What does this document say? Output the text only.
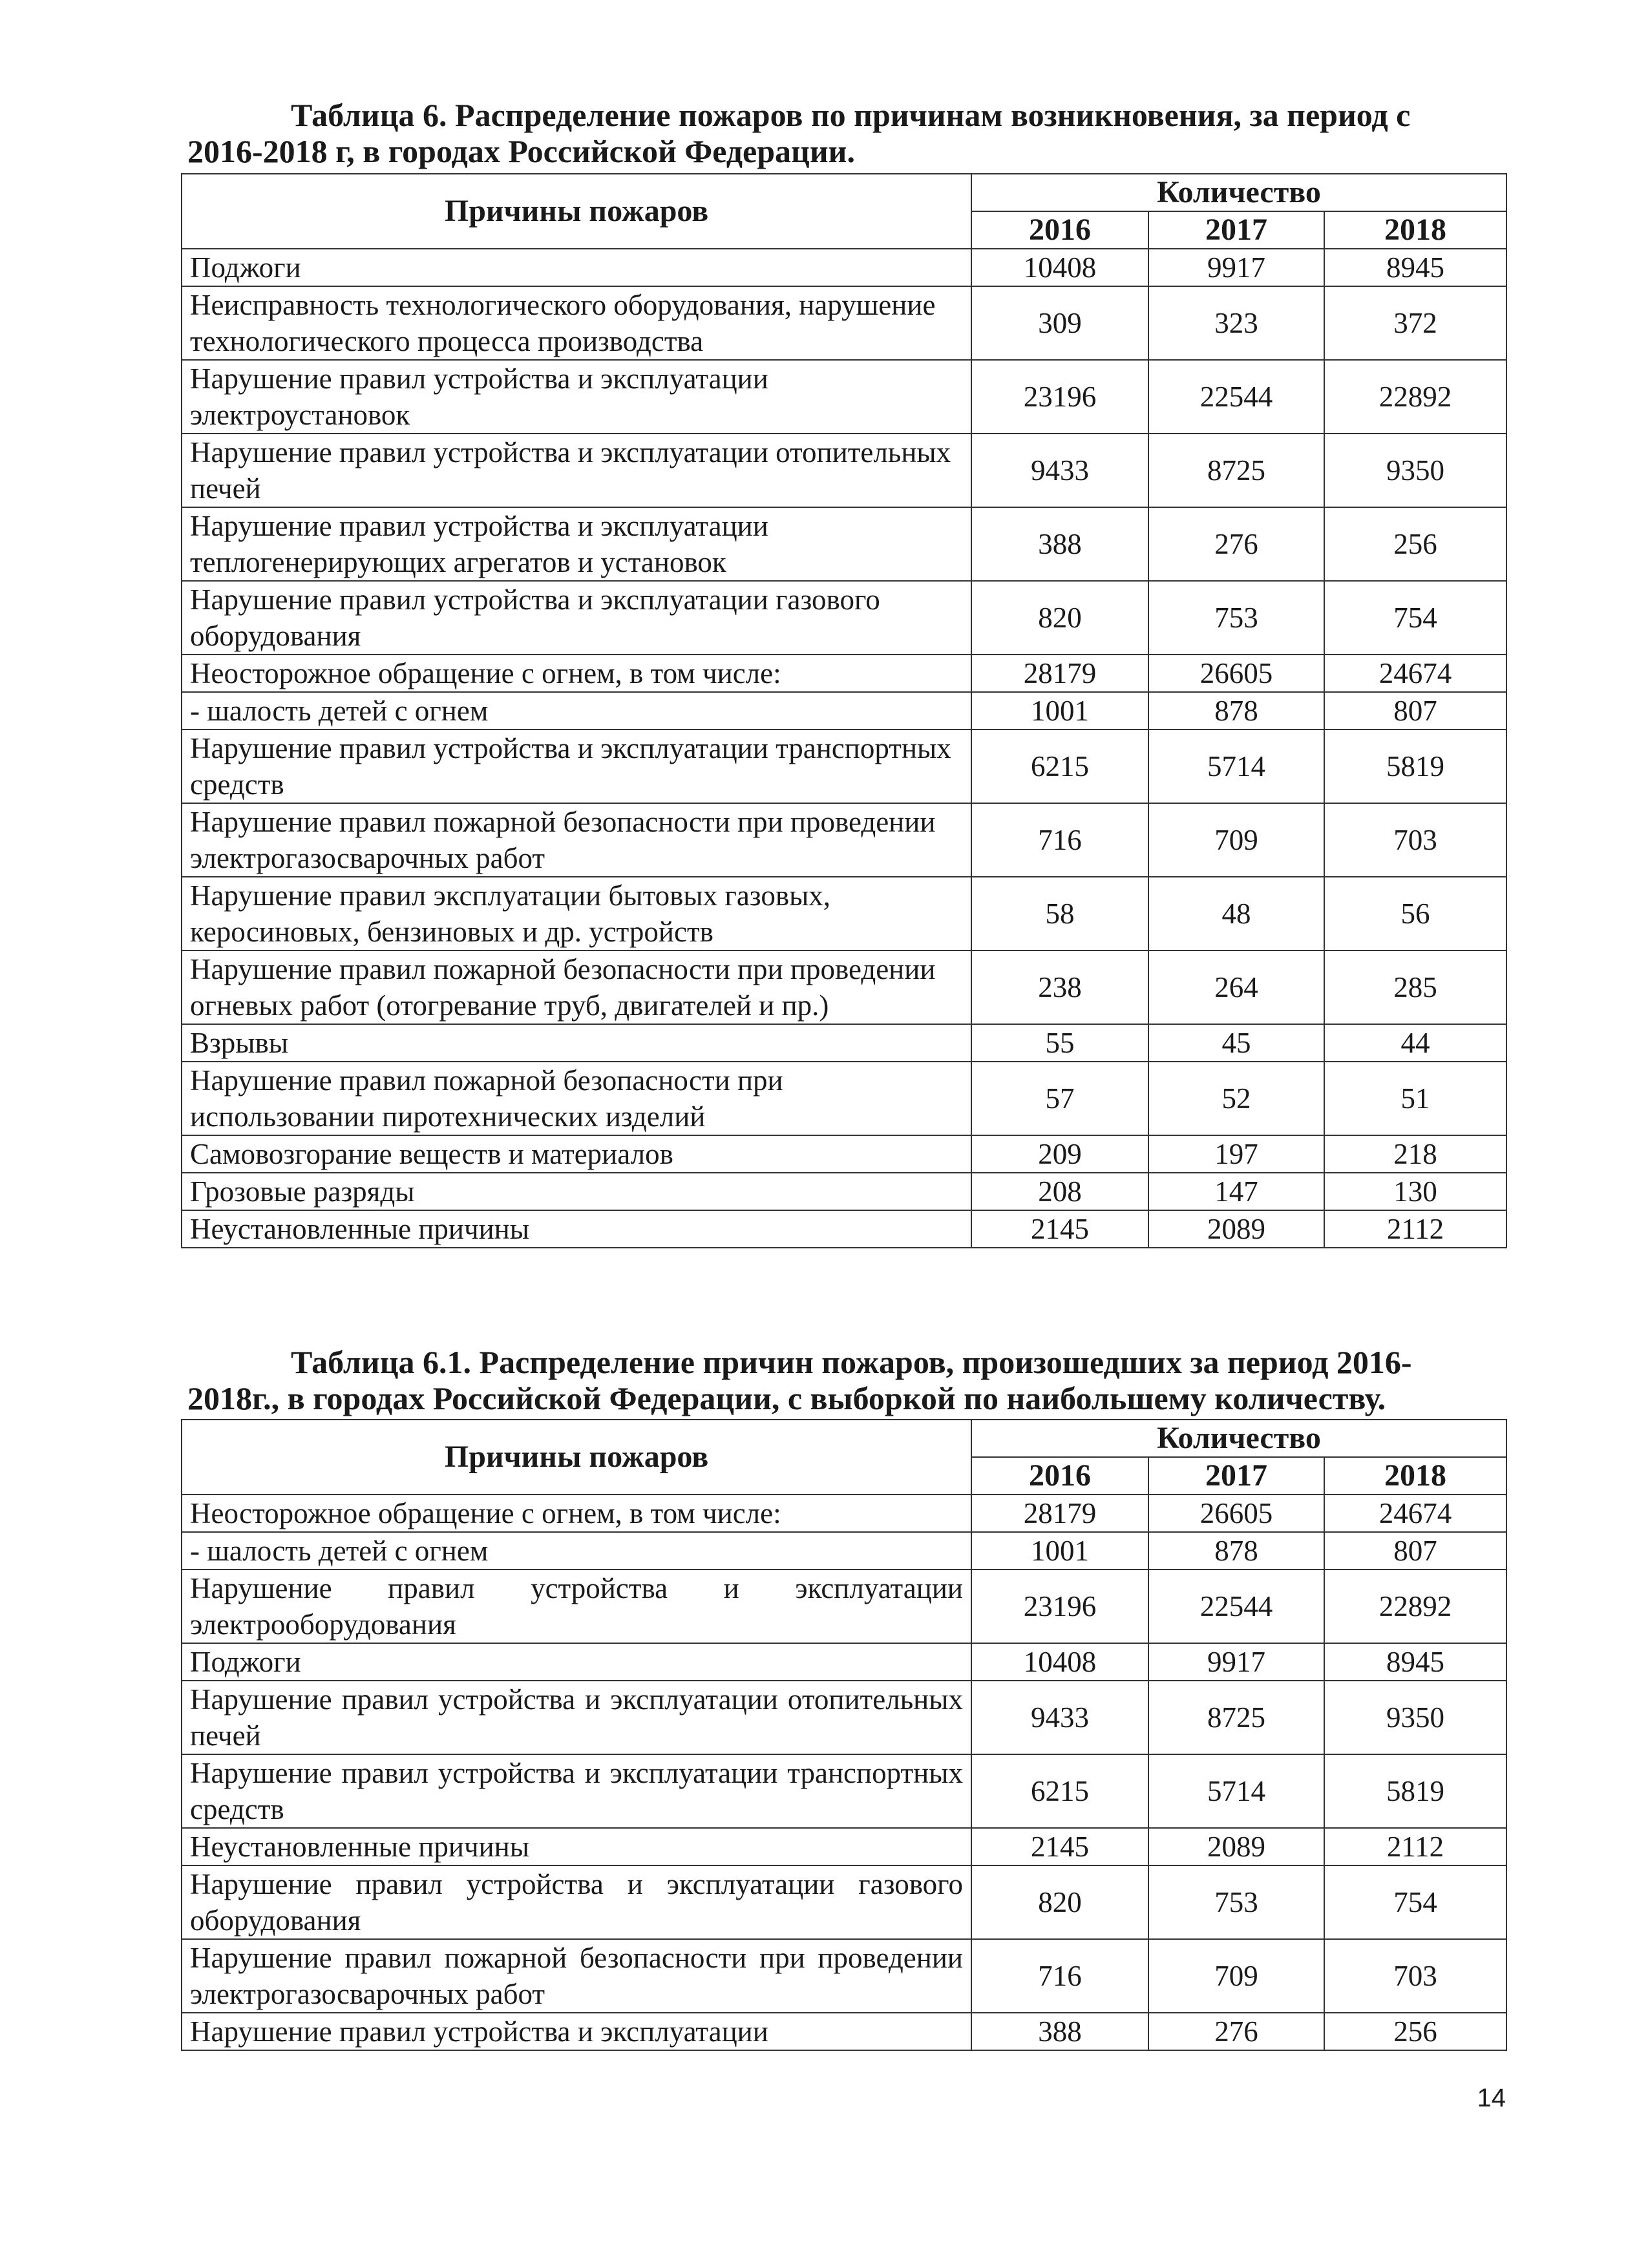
Таблица 6. Распределение пожаров по причинам возникновения, за период с
2016-2018 г, в городах Российской Федерации.
Причины пожаров	Количество		
	2016	2017	2018
Поджоги	10408	9917	8945
Неисправность технологического оборудования, нарушение технологического процесса производства	309	323	372
Нарушение правил устройства и эксплуатации электроустановок	23196	22544	22892
Нарушение правил устройства и эксплуатации отопительных печей	9433	8725	9350
Нарушение правил устройства и эксплуатации теплогенерирующих агрегатов и установок	388	276	256
Нарушение правил устройства и эксплуатации газового оборудования	820	753	754
Неосторожное обращение с огнем, в том числе:	28179	26605	24674
- шалость детей с огнем	1001	878	807
Нарушение правил устройства и эксплуатации транспортных средств	6215	5714	5819
Нарушение правил пожарной безопасности при проведении электрогазосварочных работ	716	709	703
Нарушение правил эксплуатации бытовых газовых, керосиновых, бензиновых и др. устройств	58	48	56
Нарушение правил пожарной безопасности при проведении огневых работ (отогревание труб, двигателей и пр.)	238	264	285
Взрывы	55	45	44
Нарушение правил пожарной безопасности при использовании пиротехнических изделий	57	52	51
Самовозгорание веществ и материалов	209	197	218
Грозовые разряды	208	147	130
Неустановленные причины	2145	2089	2112
Таблица 6.1. Распределение причин пожаров, произошедших за период 2016-
2018г., в городах Российской Федерации, с выборкой по наибольшему количеству.
Причины пожаров	Количество		
	2016	2017	2018
Неосторожное обращение с огнем, в том числе:	28179	26605	24674
- шалость детей с огнем	1001	878	807
Нарушение правил устройства и эксплуатации электрооборудования	23196	22544	22892
Поджоги	10408	9917	8945
Нарушение правил устройства и эксплуатации отопительных печей	9433	8725	9350
Нарушение правил устройства и эксплуатации транспортных средств	6215	5714	5819
Неустановленные причины	2145	2089	2112
Нарушение правил устройства и эксплуатации газового оборудования	820	753	754
Нарушение правил пожарной безопасности при проведении электрогазосварочных работ	716	709	703
Нарушение правил устройства и эксплуатации	388	276	256
14
